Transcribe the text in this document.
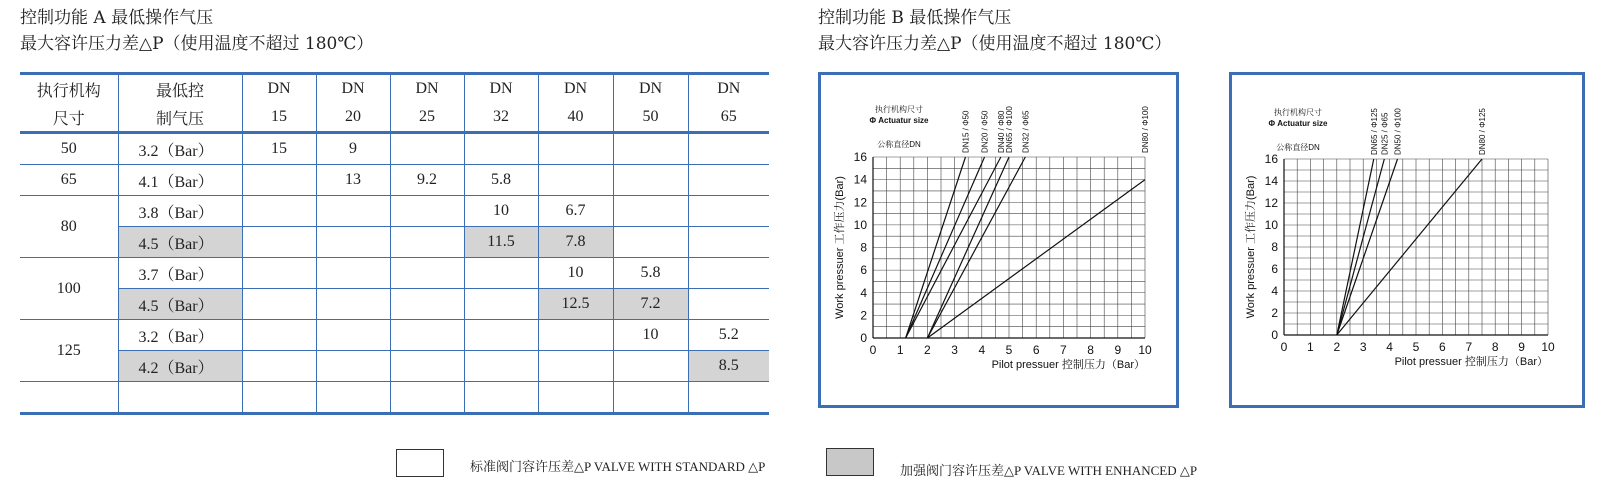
控制功能 A 最低操作气压
最大容许压力差△P（使用温度不超过 180℃）
控制功能 B 最低操作气压
最大容许压力差△P（使用温度不超过 180℃）
执行机构	最低控	DN	DN	DN	DN	DN	DN	DN
尺寸	制气压	15	20	25	32	40	50	65
50	3.2（Bar）	15	9					
65	4.1（Bar）		13	9.2	5.8			
80	3.8（Bar）				10	6.7		
	4.5（Bar）				11.5	7.8		
100	3.7（Bar）					10	5.8	
	4.5（Bar）					12.5	7.2	
125	3.2（Bar）						10	5.2
	4.2（Bar）							8.5

0 1 2 3 4 5 6 7 8 9 10
0
2
4
6
8
10
12
14
16
Pilot pressuer 控制压力（Bar）
Work pressuer 工作压力(Bar)
执行机构尺寸
Φ Actuatur size
公称直径DN	DN15 / Φ50 DN20 / Φ50 DN40 / Φ80 DN65 / Φ100 DN32 / Φ65	DN80 / Φ100
0 1 2 3 4 5 6 7 8 9 10
0
2
4
6
8
10
12
14
16
Pilot pressuer 控制压力（Bar）
Work pressuer 工作压力(Bar)
执行机构尺寸
Φ Actuatur size
公称直径DN	DN65 / Φ125 DN25 / Φ65 DN50 / Φ100	DN80 / Φ125
标准阀门容许压差△P VALVE WITH STANDARD △P	加强阀门容许压差△P VALVE WITH ENHANCED △P
